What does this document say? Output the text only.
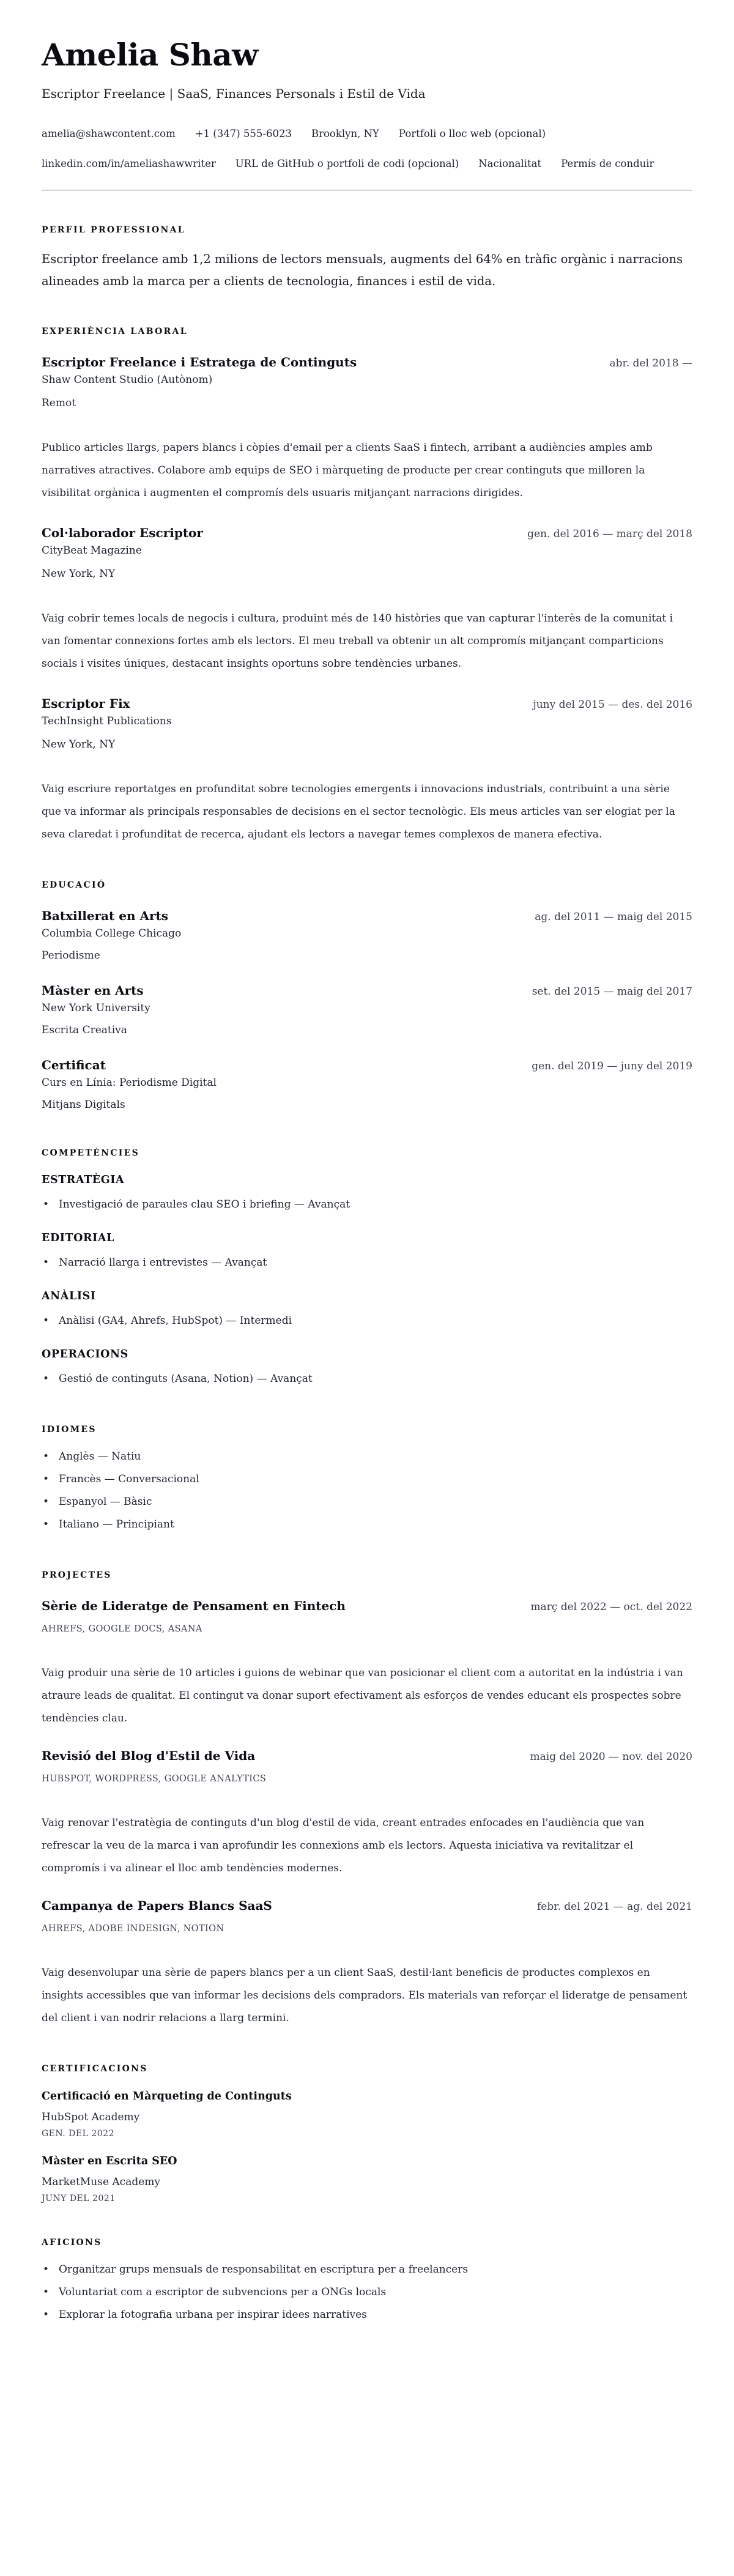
Amelia Shaw
Escriptor Freelance | SaaS, Finances Personals i Estil de Vida
amelia@shawcontent.com +1 (347) 555-6023 Brooklyn, NY Portfoli o lloc web (opcional)
linkedin.com/in/ameliashawwriter URL de GitHub o portfoli de codi (opcional) Nacionalitat Permís de conduir
PERFIL PROFESSIONAL

Escriptor freelance amb 1,2 milions de lectors mensuals, augments del 64% en tràfic orgànic i narracions alineades amb la marca per a clients de tecnologia, finances i estil de vida.

EXPERIÈNCIA LABORAL
Escriptor Freelance i Estratega de Continguts	abr. del 2018 —
Shaw Content Studio (Autònom)
Remot

Publico articles llargs, papers blancs i còpies d'email per a clients SaaS i fintech, arribant a audiències amples amb narratives atractives. Colabore amb equips de SEO i màrqueting de producte per crear continguts que milloren la visibilitat orgànica i augmenten el compromís dels usuaris mitjançant narracions dirigides.

Col·laborador Escriptor	gen. del 2016 — març del 2018
CityBeat Magazine
New York, NY

Vaig cobrir temes locals de negocis i cultura, produint més de 140 històries que van capturar l'interès de la comunitat i van fomentar connexions fortes amb els lectors. El meu treball va obtenir un alt compromís mitjançant comparticions socials i visites úniques, destacant insights oportuns sobre tendències urbanes.

Escriptor Fix	juny del 2015 — des. del 2016
TechInsight Publications
New York, NY

Vaig escriure reportatges en profunditat sobre tecnologies emergents i innovacions industrials, contribuint a una sèrie que va informar als principals responsables de decisions en el sector tecnològic. Els meus articles van ser elogiat per la seva claredat i profunditat de recerca, ajudant els lectors a navegar temes complexos de manera efectiva.

EDUCACIÓ
Batxillerat en Arts	ag. del 2011 — maig del 2015
Columbia College Chicago
Periodisme
Màster en Arts	set. del 2015 — maig del 2017
New York University
Escrita Creativa
Certificat	gen. del 2019 — juny del 2019
Curs en Línia: Periodisme Digital
Mitjans Digitals
COMPETÈNCIES
ESTRATÈGIA
• Investigació de paraules clau SEO i briefing — Avançat
EDITORIAL
• Narració llarga i entrevistes — Avançat
ANÀLISI
• Anàlisi (GA4, Ahrefs, HubSpot) — Intermedi
OPERACIONS
• Gestió de continguts (Asana, Notion) — Avançat
IDIOMES
• Anglès — Natiu
• Francès — Conversacional
• Espanyol — Bàsic
• Italiano — Principiant
PROJECTES
Sèrie de Lideratge de Pensament en Fintech	març del 2022 — oct. del 2022
AHREFS, GOOGLE DOCS, ASANA

Vaig produir una sèrie de 10 articles i guions de webinar que van posicionar el client com a autoritat en la indústria i van atraure leads de qualitat. El contingut va donar suport efectivament als esforços de vendes educant els prospectes sobre tendències clau.

Revisió del Blog d'Estil de Vida	maig del 2020 — nov. del 2020
HUBSPOT, WORDPRESS, GOOGLE ANALYTICS

Vaig renovar l'estratègia de continguts d'un blog d'estil de vida, creant entrades enfocades en l'audiència que van refrescar la veu de la marca i van aprofundir les connexions amb els lectors. Aquesta iniciativa va revitalitzar el compromís i va alinear el lloc amb tendències modernes.

Campanya de Papers Blancs SaaS	febr. del 2021 — ag. del 2021
AHREFS, ADOBE INDESIGN, NOTION

Vaig desenvolupar una sèrie de papers blancs per a un client SaaS, destil·lant beneficis de productes complexos en insights accessibles que van informar les decisions dels compradors. Els materials van reforçar el lideratge de pensament del client i van nodrir relacions a llarg termini.

CERTIFICACIONS
Certificació en Màrqueting de Continguts
HubSpot Academy
GEN. DEL 2022
Màster en Escrita SEO
MarketMuse Academy
JUNY DEL 2021
AFICIONS
• Organitzar grups mensuals de responsabilitat en escriptura per a freelancers
• Voluntariat com a escriptor de subvencions per a ONGs locals
• Explorar la fotografia urbana per inspirar idees narratives
